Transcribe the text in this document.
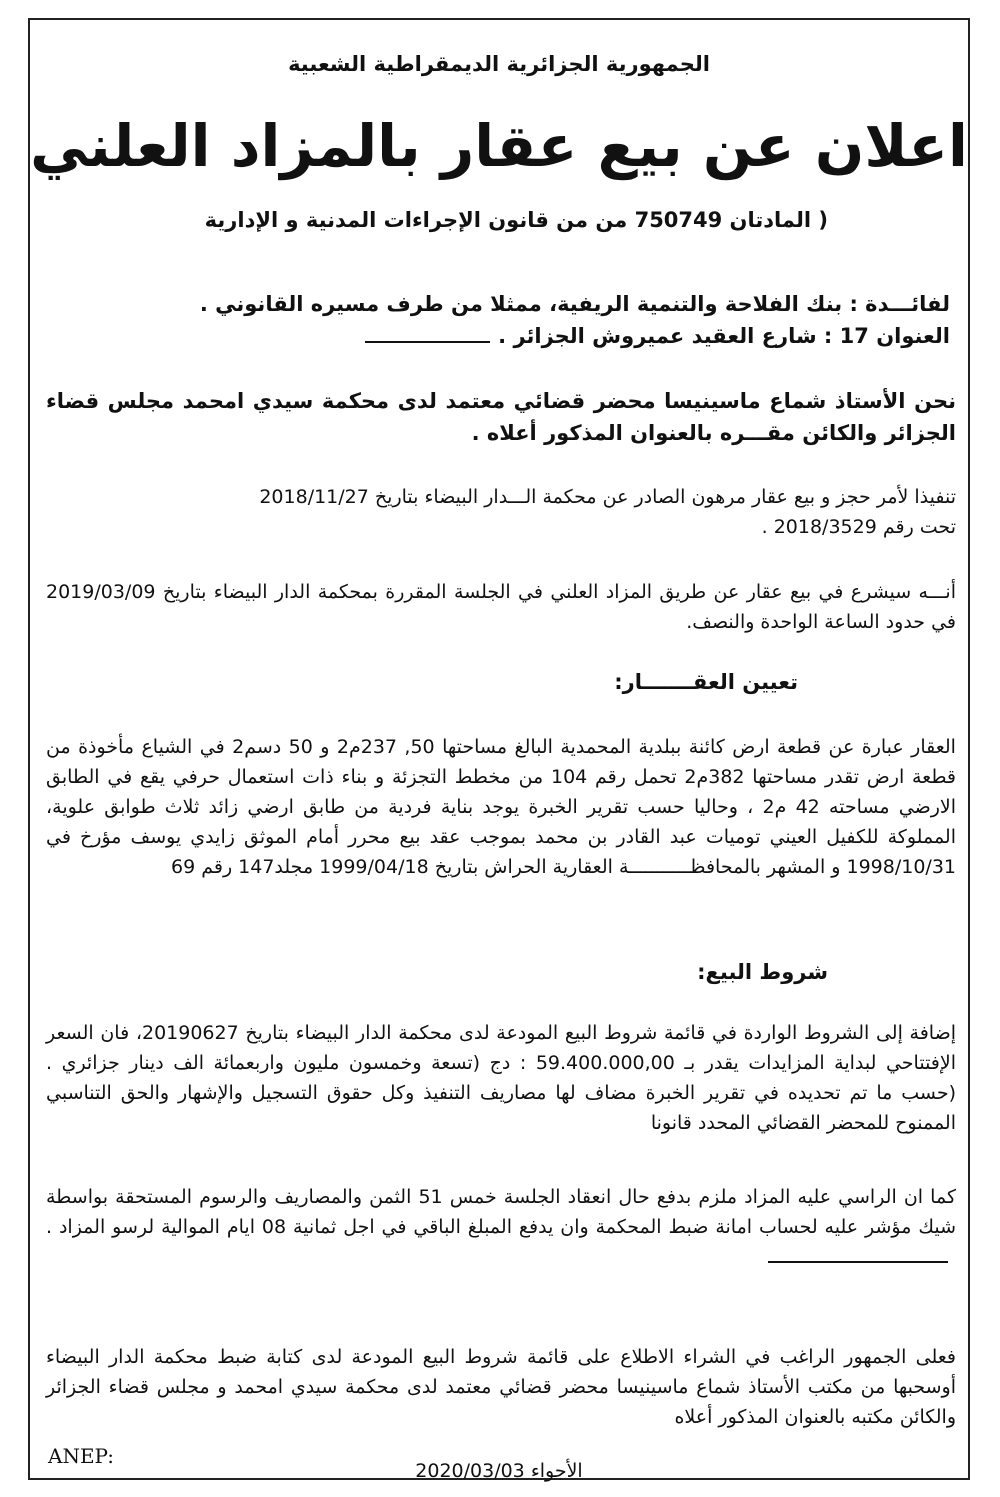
الجمهورية الجزائرية الديمقراطية الشعبية
اعلان عن بيع عقار بالمزاد العلني
( المادتان 750749 من من قانون الإجراءات المدنية و الإدارية
لفائـــدة : بنك الفلاحة والتنمية الريفية، ممثلا من طرف مسيره القانوني .
العنوان 17 : شارع العقيد عميروش الجزائر .
نحن الأستاذ شماع ماسينيسا محضر قضائي معتمد لدى محكمة سيدي امحمد مجلس قضاء الجزائر والكائن مقـــره بالعنوان المذكور أعلاه .
تنفيذا لأمر حجز و بيع عقار مرهون الصادر عن محكمة الـــدار البيضاء بتاريخ 2018/11/27
تحت رقم 2018/3529 .
أنـــه سيشرع في بيع عقار عن طريق المزاد العلني في الجلسة المقررة بمحكمة الدار البيضاء بتاريخ 2019/03/09 في حدود الساعة الواحدة والنصف.
تعيين العقـــــــار:
العقار عبارة عن قطعة ارض كائنة ببلدية المحمدية البالغ مساحتها 50, 237م2 و 50 دسم2 في الشياع مأخوذة من قطعة ارض تقدر مساحتها 382م2 تحمل رقم 104 من مخطط التجزئة و بناء ذات استعمال حرفي يقع في الطابق الارضي مساحته 42 م2 ، وحاليا حسب تقرير الخبرة يوجد بناية فردية من طابق ارضي زائد ثلاث طوابق علوية، المملوكة للكفيل العيني توميات عبد القادر بن محمد بموجب عقد بيع محرر أمام الموثق زايدي يوسف مؤرخ في 1998/10/31 و المشهر بالمحافظـــــــــــة العقارية الحراش بتاريخ 1999/04/18 مجلد147 رقم 69
شروط البيع:
إضافة إلى الشروط الواردة في قائمة شروط البيع المودعة لدى محكمة الدار البيضاء بتاريخ 20190627، فان السعر الإفتتاحي لبداية المزايدات يقدر بـ 59.400.000,00 : دج (تسعة وخمسون مليون واربعمائة الف دينار جزائري .(حسب ما تم تحديده في تقرير الخبرة مضاف لها مصاريف التنفيذ وكل حقوق التسجيل والإشهار والحق التناسبي الممنوح للمحضر القضائي المحدد قانونا
كما ان الراسي عليه المزاد ملزم بدفع حال انعقاد الجلسة خمس 51 الثمن والمصاريف والرسوم المستحقة بواسطة شيك مؤشر عليه لحساب امانة ضبط المحكمة وان يدفع المبلغ الباقي في اجل ثمانية 08 ايام الموالية لرسو المزاد .
فعلى الجمهور الراغب في الشراء الاطلاع على قائمة شروط البيع المودعة لدى كتابة ضبط محكمة الدار البيضاء أوسحبها من مكتب الأستاذ شماع ماسينيسا محضر قضائي معتمد لدى محكمة سيدي امحمد و مجلس قضاء الجزائر والكائن مكتبه بالعنوان المذكور أعلاه
ANEP:
الأجواء 2020/03/03
